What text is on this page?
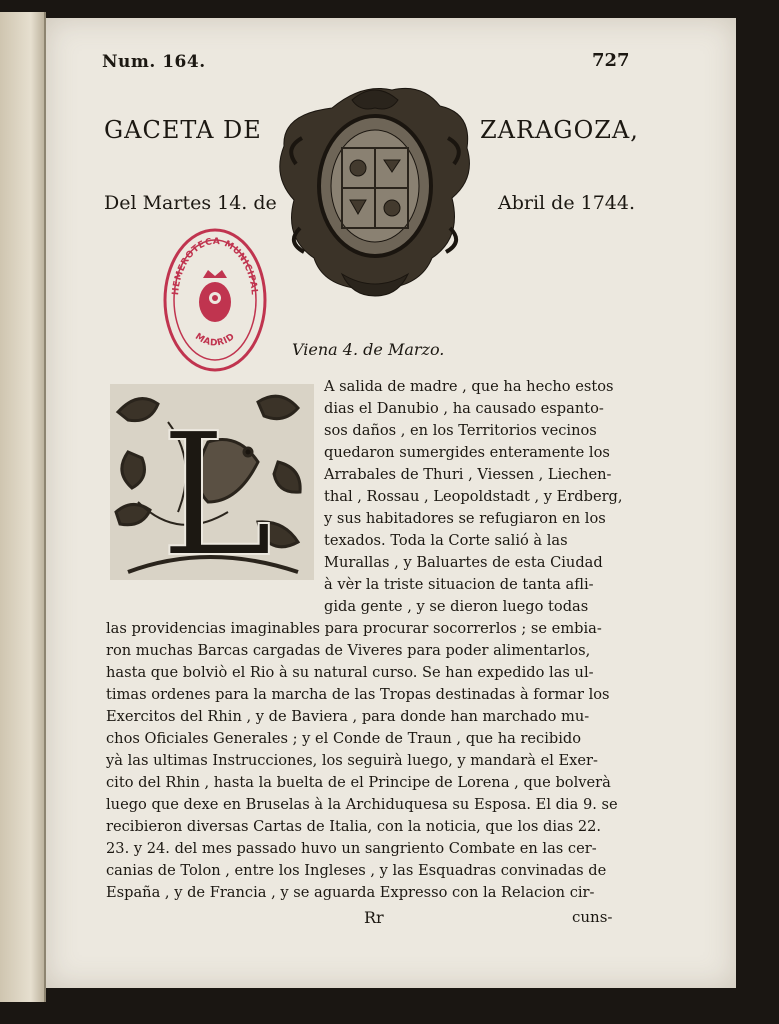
Num. 164.	727
GACETA DE	ZARAGOZA,
Del Martes 14. de	Abril de 1744.
HEMEROTECA MUNICIPAL
MADRID
Viena 4. de Marzo.
L
A salida de madre , que ha hecho estos
dias el Danubio , ha causado espanto-
sos daños , en los Territorios vecinos
quedaron sumergides enteramente los
Arrabales de Thuri , Viessen , Liechen-
thal , Rossau , Leopoldstadt , y Erdberg,
y sus habitadores se refugiaron en los
texados. Toda la Corte salió à las
Murallas , y Baluartes de esta Ciudad
à vèr la triste situacion de tanta afli-
gida gente , y se dieron luego todas
las providencias imaginables para procurar socorrerlos ; se embia-
ron muchas Barcas cargadas de Viveres para poder alimentarlos,
hasta que bolviò el Rio à su natural curso. Se han expedido las ul-
timas ordenes para la marcha de las Tropas destinadas à formar los
Exercitos del Rhin , y de Baviera , para donde han marchado mu-
chos Oficiales Generales ; y el Conde de Traun , que ha recibido
yà las ultimas Instrucciones, los seguirà luego, y mandarà el Exer-
cito del Rhin , hasta la buelta de el Principe de Lorena , que bolverà
luego que dexe en Bruselas à la Archiduquesa su Esposa. El dia 9. se
recibieron diversas Cartas de Italia, con la noticia, que los dias 22.
23. y 24. del mes passado huvo un sangriento Combate en las cer-
canias de Tolon , entre los Ingleses , y las Esquadras convinadas de
España , y de Francia , y se aguarda Expresso con la Relacion cir-
Rr	cuns-
